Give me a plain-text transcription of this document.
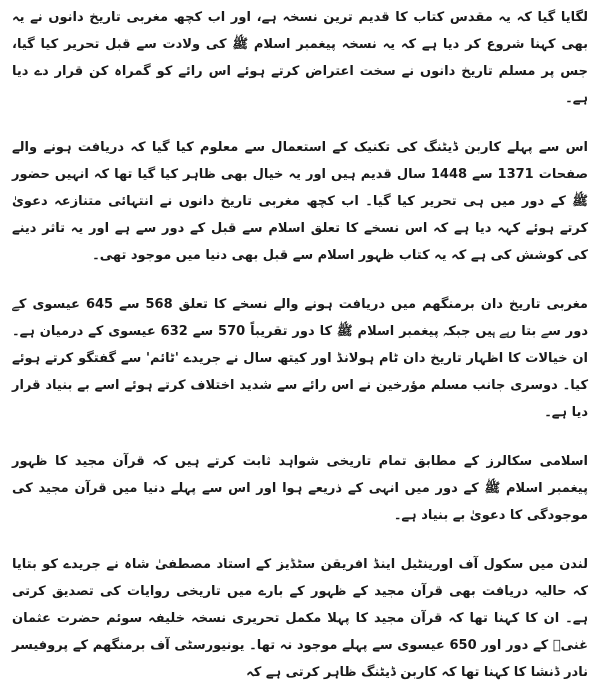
لگایا گیا کہ یہ مقدس کتاب کا قدیم ترین نسخہ ہے، اور اب کچھ مغربی تاریخ دانوں نے یہ بھی کہنا شروع کر دیا ہے کہ یہ نسخہ پیغمبر اسلام ﷺ کی ولادت سے قبل تحریر کیا گیا، جس پر مسلم تاریخ دانوں نے سخت اعتراض کرتے ہوئے اس رائے کو گمراہ کن قرار دے دیا ہے۔

اس سے پہلے کاربن ڈیٹنگ کی تکنیک کے استعمال سے معلوم کیا گیا کہ دریافت ہونے والے صفحات 1371 سے 1448 سال قدیم ہیں اور یہ خیال بھی ظاہر کیا گیا تھا کہ انہیں حضور ﷺ کے دور میں ہی تحریر کیا گیا۔ اب کچھ مغربی تاریخ دانوں نے انتہائی متنازعہ دعویٰ کرتے ہوئے کہہ دیا ہے کہ اس نسخے کا تعلق اسلام سے قبل کے دور سے ہے اور یہ تاثر دینے کی کوشش کی ہے کہ یہ کتاب ظہور اسلام سے قبل بھی دنیا میں موجود تھی۔

مغربی تاریخ دان برمنگھم میں دریافت ہونے والے نسخے کا تعلق 568 سے 645 عیسوی کے دور سے بتا رہے ہیں جبکہ پیغمبر اسلام ﷺ کا دور تقریباً 570 سے 632 عیسوی کے درمیان ہے۔ ان خیالات کا اظہار تاریخ دان ٹام ہولانڈ اور کیتھ سال نے جریدے 'ٹائم' سے گفتگو کرتے ہوئے کیا۔ دوسری جانب مسلم مؤرخین نے اس رائے سے شدید اختلاف کرتے ہوئے اسے بے بنیاد قرار دیا ہے۔

اسلامی سکالرز کے مطابق تمام تاریخی شواہد ثابت کرتے ہیں کہ قرآن مجید کا ظہور پیغمبر اسلام ﷺ کے دور میں انہی کے ذریعے ہوا اور اس سے پہلے دنیا میں قرآن مجید کی موجودگی کا دعویٰ بے بنیاد ہے۔

لندن میں سکول آف اورینٹیل اینڈ افریقن سٹڈیز کے استاد مصطفیٰ شاہ نے جریدے کو بتایا کہ حالیہ دریافت بھی قرآن مجید کے ظہور کے بارے میں تاریخی روایات کی تصدیق کرتی ہے۔ ان کا کہنا تھا کہ قرآن مجید کا پہلا مکمل تحریری نسخہ خلیفہ سوئم حضرت عثمان غنیؓ کے دور اور 650 عیسوی سے پہلے موجود نہ تھا۔ یونیورسٹی آف برمنگھم کے پروفیسر نادر ڈنشا کا کہنا تھا کہ کاربن ڈیٹنگ ظاہر کرتی ہے کہ
